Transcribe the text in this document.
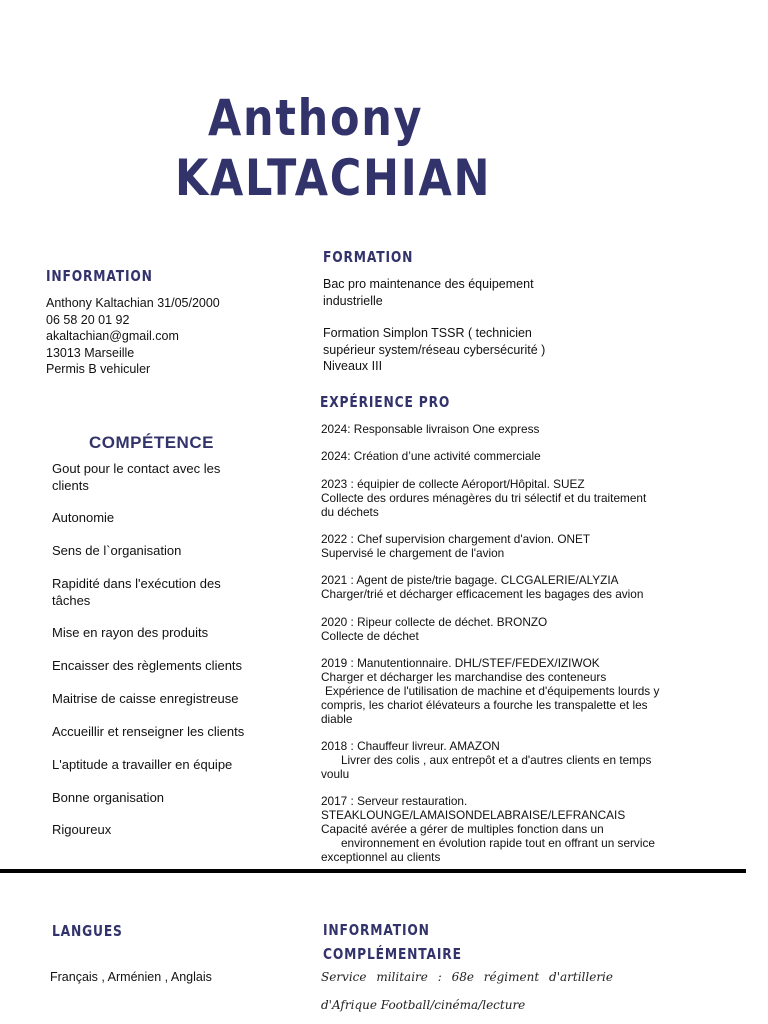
Anthony
KALTACHIAN
INFORMATION
Anthony Kaltachian 31/05/2000
06 58 20 01 92
akaltachian@gmail.com
13013 Marseille
Permis B vehiculer
COMPÉTENCE
Gout pour le contact avec les
clients
Autonomie
Sens de l`organisation
Rapidité dans l'exécution des
tâches
Mise en rayon des produits
Encaisser des règlements clients
Maitrise de caisse enregistreuse
Accueillir et renseigner les clients
L'aptitude a travailler en équipe
Bonne organisation
Rigoureux
FORMATION
Bac pro maintenance des équipement
industrielle
Formation Simplon TSSR ( technicien
supérieur system/réseau cybersécurité )
Niveaux III
EXPÉRIENCE PRO
2024: Responsable livraison One express
2024: Création d’une activité commerciale
2023 : équipier de collecte Aéroport/Hôpital. SUEZ
Collecte des ordures ménagères du tri sélectif et du traitement
du déchets
2022 : Chef supervision chargement d'avion. ONET
Supervisé le chargement de l'avion
2021 : Agent de piste/trie bagage. CLCGALERIE/ALYZIA
Charger/trié et décharger efficacement les bagages des avion
2020 : Ripeur collecte de déchet. BRONZO
Collecte de déchet
2019 : Manutentionnaire. DHL/STEF/FEDEX/IZIWOK
Charger et décharger les marchandise des conteneurs
Expérience de l'utilisation de machine et d'équipements lourds y
compris, les chariot élévateurs a fourche les transpalette et les
diable
2018 : Chauffeur livreur. AMAZON
Livrer des colis , aux entrepôt et a d'autres clients en temps
voulu
2017 : Serveur restauration.
STEAKLOUNGE/LAMAISONDELABRAISE/LEFRANCAIS
Capacité avérée a gérer de multiples fonction dans un
environnement en évolution rapide tout en offrant un service
exceptionnel au clients
LANGUES
Français , Arménien , Anglais
INFORMATION
COMPLÉMENTAIRE
Service militaire : 68e régiment d'artillerie
d'Afrique Football/cinéma/lecture
